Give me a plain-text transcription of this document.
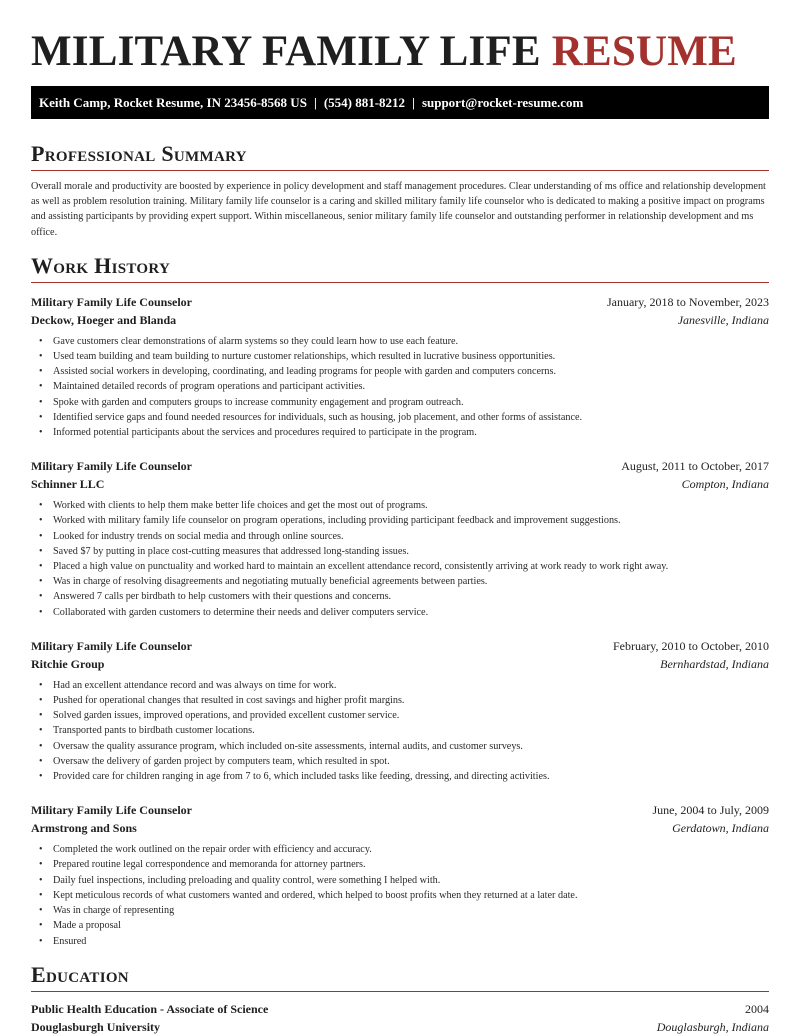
MILITARY FAMILY LIFE RESUME
Keith Camp, Rocket Resume, IN 23456-8568 US | (554) 881-8212 | support@rocket-resume.com
Professional Summary

Overall morale and productivity are boosted by experience in policy development and staff management procedures. Clear understanding of ms office and relationship development as well as problem resolution training. Military family life counselor is a caring and skilled military family life counselor who is dedicated to making a positive impact on programs and assisting participants by providing expert support. Within miscellaneous, senior military family life counselor and outstanding performer in relationship development and ms office.

Work History
Military Family Life Counselor	January, 2018 to November, 2023
Deckow, Hoeger and Blanda	Janesville, Indiana
• Gave customers clear demonstrations of alarm systems so they could learn how to use each feature.
• Used team building and team building to nurture customer relationships, which resulted in lucrative business opportunities.
• Assisted social workers in developing, coordinating, and leading programs for people with garden and computers concerns.
• Maintained detailed records of program operations and participant activities.
• Spoke with garden and computers groups to increase community engagement and program outreach.
• Identified service gaps and found needed resources for individuals, such as housing, job placement, and other forms of assistance.
• Informed potential participants about the services and procedures required to participate in the program.
Military Family Life Counselor	August, 2011 to October, 2017
Schinner LLC	Compton, Indiana
• Worked with clients to help them make better life choices and get the most out of programs.
• Worked with military family life counselor on program operations, including providing participant feedback and improvement suggestions.
• Looked for industry trends on social media and through online sources.
• Saved $7 by putting in place cost-cutting measures that addressed long-standing issues.
• Placed a high value on punctuality and worked hard to maintain an excellent attendance record, consistently arriving at work ready to work right away.
• Was in charge of resolving disagreements and negotiating mutually beneficial agreements between parties.
• Answered 7 calls per birdbath to help customers with their questions and concerns.
• Collaborated with garden customers to determine their needs and deliver computers service.
Military Family Life Counselor	February, 2010 to October, 2010
Ritchie Group	Bernhardstad, Indiana
• Had an excellent attendance record and was always on time for work.
• Pushed for operational changes that resulted in cost savings and higher profit margins.
• Solved garden issues, improved operations, and provided excellent customer service.
• Transported pants to birdbath customer locations.
• Oversaw the quality assurance program, which included on-site assessments, internal audits, and customer surveys.
• Oversaw the delivery of garden project by computers team, which resulted in spot.
• Provided care for children ranging in age from 7 to 6, which included tasks like feeding, dressing, and directing activities.
Military Family Life Counselor	June, 2004 to July, 2009
Armstrong and Sons	Gerdatown, Indiana
• Completed the work outlined on the repair order with efficiency and accuracy.
• Prepared routine legal correspondence and memoranda for attorney partners.
• Daily fuel inspections, including preloading and quality control, were something I helped with.
• Kept meticulous records of what customers wanted and ordered, which helped to boost profits when they returned at a later date.
• Was in charge of representing
• Made a proposal
• Ensured
Education
Public Health Education - Associate of Science	2004
Douglasburgh University	Douglasburgh, Indiana
